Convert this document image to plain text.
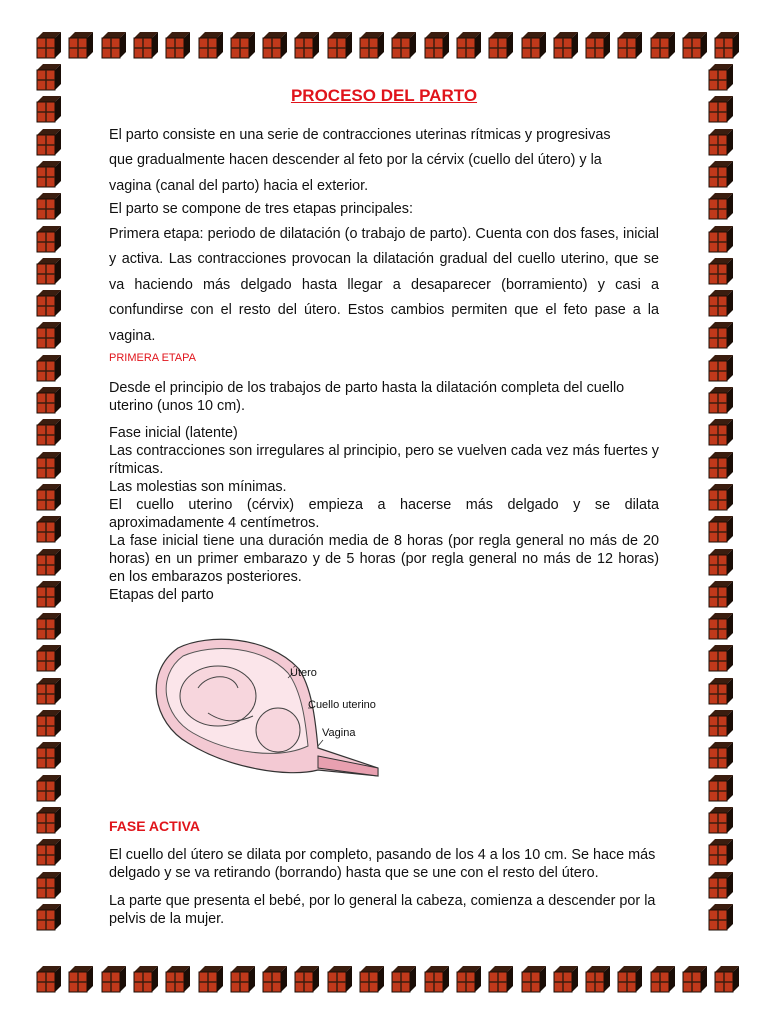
PROCESO DEL PARTO
El parto consiste en una serie de contracciones uterinas rítmicas y progresivas
que gradualmente hacen descender al feto por la cérvix (cuello del útero) y la
vagina (canal del parto) hacia el exterior.
El parto se compone de tres etapas principales:
Primera etapa: periodo de dilatación (o trabajo de parto). Cuenta con dos fases, inicial y activa. Las contracciones provocan la dilatación gradual del cuello uterino, que se va haciendo más delgado hasta llegar a desaparecer (borramiento) y casi a confundirse con el resto del útero. Estos cambios permiten que el feto pase a la vagina.
PRIMERA ETAPA
Desde el principio de los trabajos de parto hasta la dilatación completa del cuello uterino (unos 10 cm).
Fase inicial (latente)
Las contracciones son irregulares al principio, pero se vuelven cada vez más fuertes y rítmicas.
Las molestias son mínimas.
El cuello uterino (cérvix) empieza a hacerse más delgado y se dilata aproximadamente 4 centímetros.
La fase inicial tiene una duración media de 8 horas (por regla general no más de 20 horas) en un primer embarazo y de 5 horas (por regla general no más de 12 horas) en los embarazos posteriores.
Etapas del parto
FASE ACTIVA
El cuello del útero se dilata por completo, pasando de los 4 a los 10 cm. Se hace más delgado y se va retirando (borrando) hasta que se une con el resto del útero.
La parte que presenta el bebé, por lo general la cabeza, comienza a descender por la pelvis de la mujer.
Útero
Cuello uterino
Vagina
